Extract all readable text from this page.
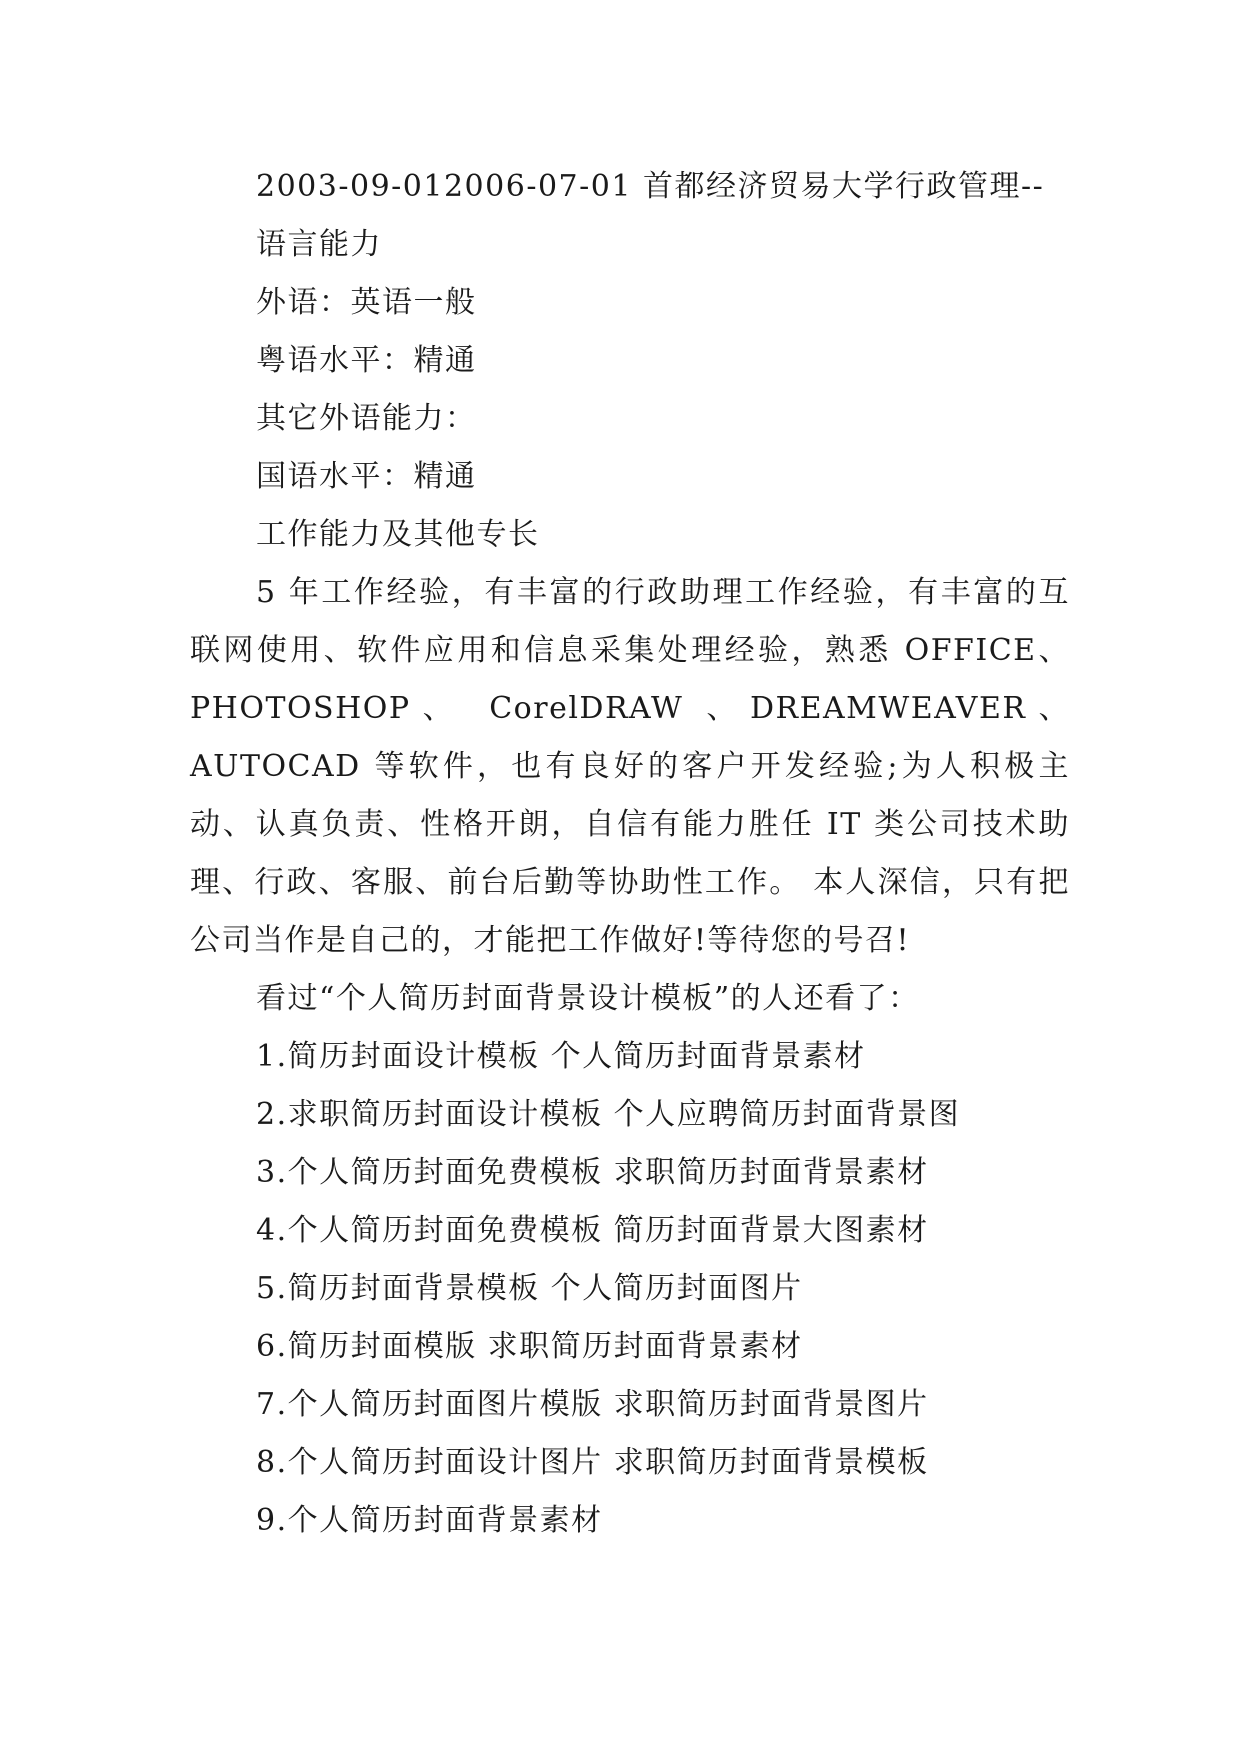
2003-09-012006-07-01 首都经济贸易大学行政管理--
语言能力
外语：英语一般
粤语水平：精通
其它外语能力：
国语水平：精通
工作能力及其他专长

5 年工作经验，有丰富的行政助理工作经验，有丰富的互联网使用、软件应用和信息采集处理经验，熟悉 OFFICE、PHOTOSHOP、 CorelDRAW 、DREAMWEAVER、AUTOCAD 等软件，也有良好的客户开发经验;为人积极主动、认真负责、性格开朗，自信有能力胜任 IT 类公司技术助理、行政、客服、前台后勤等协助性工作。 本人深信，只有把公司当作是自己的，才能把工作做好!等待您的号召!

看过“个人简历封面背景设计模板”的人还看了：
1.简历封面设计模板 个人简历封面背景素材
2.求职简历封面设计模板 个人应聘简历封面背景图
3.个人简历封面免费模板 求职简历封面背景素材
4.个人简历封面免费模板 简历封面背景大图素材
5.简历封面背景模板 个人简历封面图片
6.简历封面模版 求职简历封面背景素材
7.个人简历封面图片模版 求职简历封面背景图片
8.个人简历封面设计图片 求职简历封面背景模板
9.个人简历封面背景素材
